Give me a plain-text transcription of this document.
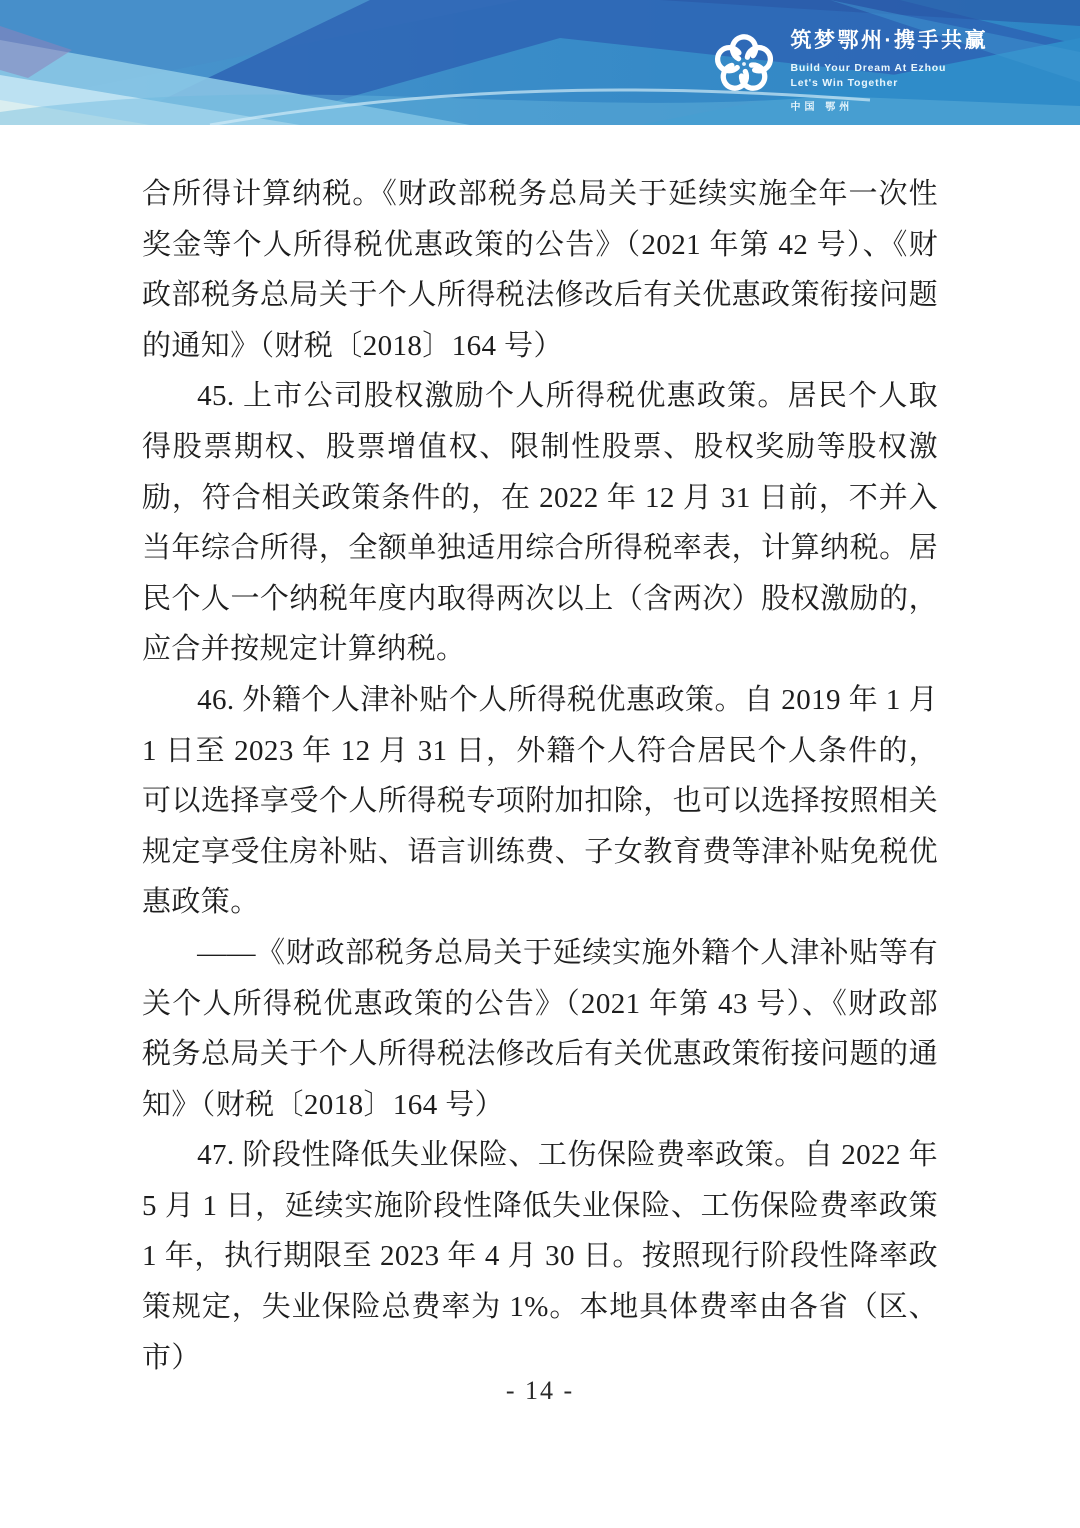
筑梦鄂州·携手共赢
Build Your Dream At Ezhou
Let's Win Together
中国 鄂州

合所得计算纳税。《财政部税务总局关于延续实施全年一次性奖金等个人所得税优惠政策的公告》（2021 年第 42 号）、《财政部税务总局关于个人所得税法修改后有关优惠政策衔接问题的通知》（财税〔2018〕164 号）

45. 上市公司股权激励个人所得税优惠政策。居民个人取得股票期权、股票增值权、限制性股票、股权奖励等股权激励，符合相关政策条件的，在 2022 年 12 月 31 日前，不并入当年综合所得，全额单独适用综合所得税率表，计算纳税。居民个人一个纳税年度内取得两次以上（含两次）股权激励的，应合并按规定计算纳税。

46. 外籍个人津补贴个人所得税优惠政策。自 2019 年 1 月 1 日至 2023 年 12 月 31 日，外籍个人符合居民个人条件的，可以选择享受个人所得税专项附加扣除，也可以选择按照相关规定享受住房补贴、语言训练费、子女教育费等津补贴免税优惠政策。

——《财政部税务总局关于延续实施外籍个人津补贴等有关个人所得税优惠政策的公告》（2021 年第 43 号）、《财政部税务总局关于个人所得税法修改后有关优惠政策衔接问题的通知》（财税〔2018〕164 号）

47. 阶段性降低失业保险、工伤保险费率政策。自 2022 年 5 月 1 日，延续实施阶段性降低失业保险、工伤保险费率政策 1 年，执行期限至 2023 年 4 月 30 日。按照现行阶段性降率政策规定，失业保险总费率为 1%。本地具体费率由各省（区、市）

- 14 -
